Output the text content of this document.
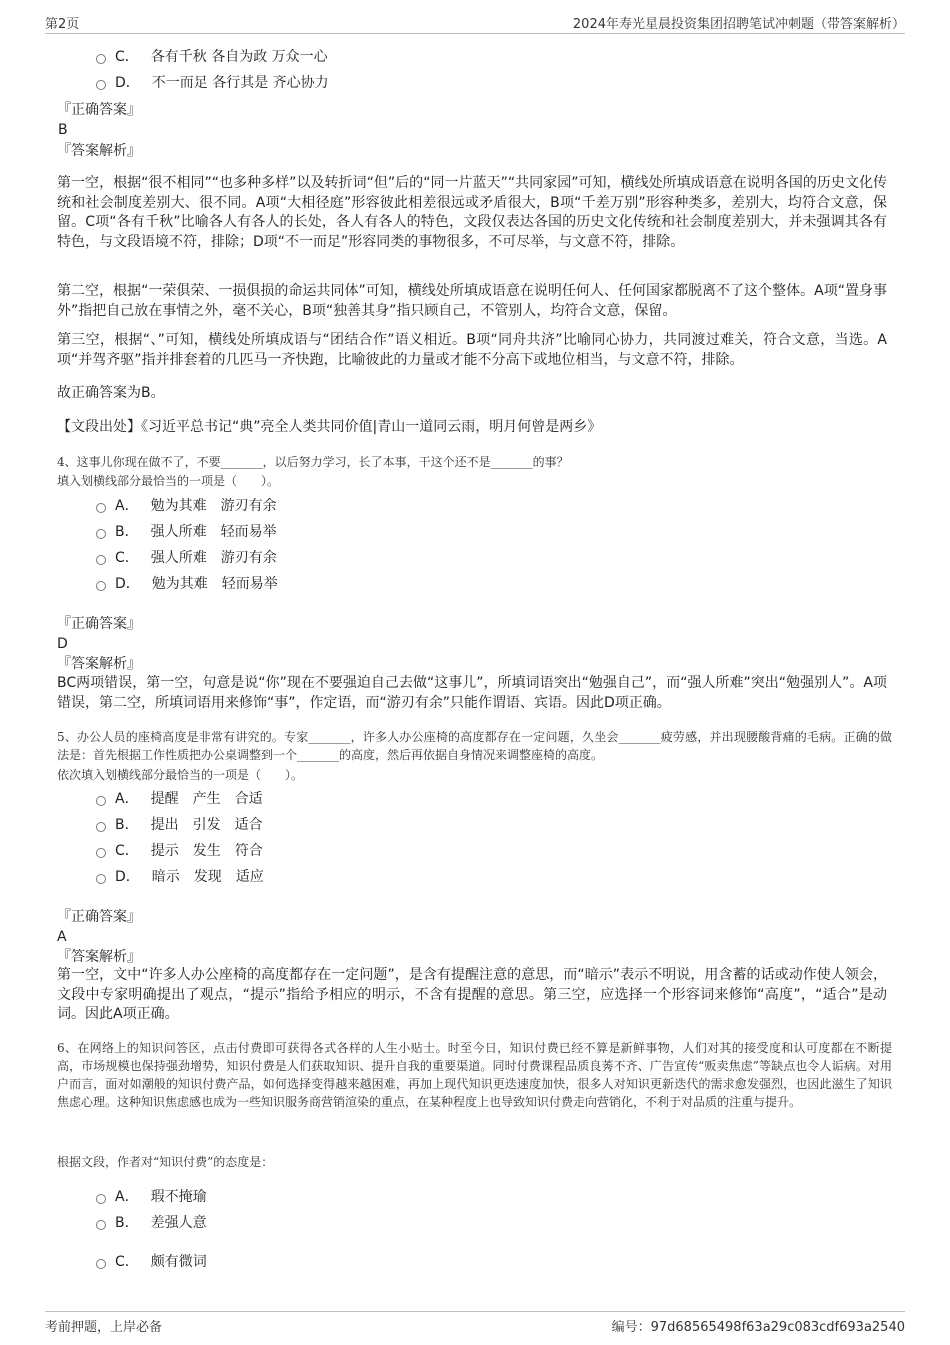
第2页	2024年寿光星晨投资集团招聘笔试冲刺题（带答案解析）
C． 各有千秋 各自为政 万众一心
D． 不一而足 各行其是 齐心协力
『正确答案』
B
『答案解析』
第一空，根据“很不相同”“也多种多样”以及转折词“但”后的“同一片蓝天”“共同家园”可知，横线处所填成语意在说明各国的历史文化传统和社会制度差别大、很不同。A项“大相径庭”形容彼此相差很远或矛盾很大，B项“千差万别”形容种类多，差别大，均符合文意，保留。C项“各有千秋”比喻各人有各人的长处，各人有各人的特色，文段仅表达各国的历史文化传统和社会制度差别大，并未强调其各有特色，与文段语境不符，排除；D项“不一而足”形容同类的事物很多，不可尽举，与文意不符，排除。
第二空，根据“一荣俱荣、一损俱损的命运共同体”可知，横线处所填成语意在说明任何人、任何国家都脱离不了这个整体。A项“置身事外”指把自己放在事情之外，毫不关心，B项“独善其身”指只顾自己，不管别人，均符合文意，保留。
第三空，根据“、”可知，横线处所填成语与“团结合作”语义相近。B项“同舟共济”比喻同心协力，共同渡过难关，符合文意，当选。A项“并驾齐驱”指并排套着的几匹马一齐快跑，比喻彼此的力量或才能不分高下或地位相当，与文意不符，排除。
故正确答案为B。
【文段出处】《习近平总书记“典”亮全人类共同价值|青山一道同云雨，明月何曾是两乡》
4、这事儿你现在做不了，不要_______，以后努力学习，长了本事，干这个还不是_______的事？
填入划横线部分最恰当的一项是（　　）。
A． 勉为其难　游刃有余
B． 强人所难　轻而易举
C． 强人所难　游刃有余
D． 勉为其难　轻而易举
『正确答案』
D
『答案解析』
BC两项错误，第一空，句意是说“你”现在不要强迫自己去做“这事儿”，所填词语突出“勉强自己”，而“强人所难”突出“勉强别人”。A项错误，第二空，所填词语用来修饰“事”，作定语，而“游刃有余”只能作谓语、宾语。因此D项正确。
5、办公人员的座椅高度是非常有讲究的。专家_______，许多人办公座椅的高度都存在一定问题，久坐会_______疲劳感，并出现腰酸背痛的毛病。正确的做法是：首先根据工作性质把办公桌调整到一个_______的高度，然后再依据自身情况来调整座椅的高度。
依次填入划横线部分最恰当的一项是（　　）。
A． 提醒　产生　合适
B． 提出　引发　适合
C． 提示　发生　符合
D． 暗示　发现　适应
『正确答案』
A
『答案解析』
第一空，文中“许多人办公座椅的高度都存在一定问题”，是含有提醒注意的意思，而“暗示”表示不明说，用含蓄的话或动作使人领会，文段中专家明确提出了观点，“提示”指给予相应的明示，不含有提醒的意思。第三空，应选择一个形容词来修饰“高度”，“适合”是动词。因此A项正确。
6、在网络上的知识问答区，点击付费即可获得各式各样的人生小贴士。时至今日，知识付费已经不算是新鲜事物，人们对其的接受度和认可度都在不断提高，市场规模也保持强劲增势，知识付费是人们获取知识、提升自我的重要渠道。同时付费课程品质良莠不齐、广告宣传“贩卖焦虑”等缺点也令人诟病。对用户而言，面对如潮般的知识付费产品，如何选择变得越来越困难，再加上现代知识更迭速度加快，很多人对知识更新迭代的需求愈发强烈，也因此滋生了知识焦虑心理。这种知识焦虑感也成为一些知识服务商营销渲染的重点，在某种程度上也导致知识付费走向营销化，不利于对品质的注重与提升。
根据文段，作者对“知识付费”的态度是：
A． 瑕不掩瑜
B． 差强人意
C． 颇有微词
考前押题，上岸必备	编号：97d68565498f63a29c083cdf693a2540
